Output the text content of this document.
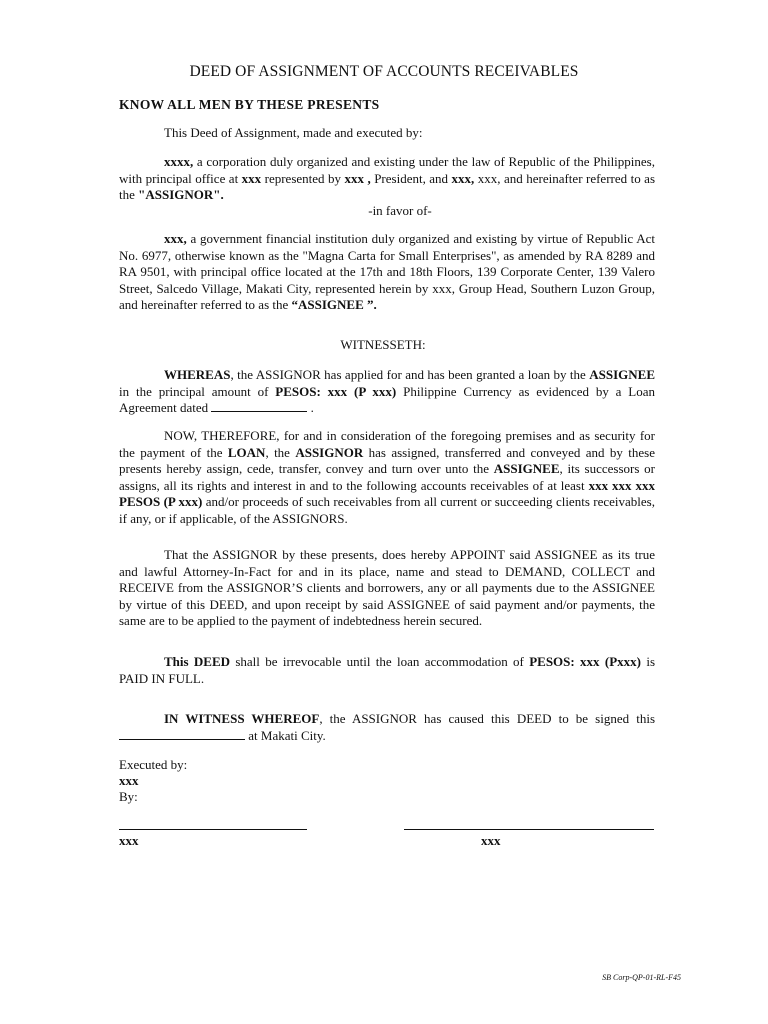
DEED OF ASSIGNMENT OF ACCOUNTS RECEIVABLES
KNOW ALL MEN BY THESE PRESENTS

This Deed of Assignment, made and executed by:

xxxx, a corporation duly organized and existing under the law of Republic of the Philippines, with principal office at xxx represented by xxx , President, and xxx, xxx, and hereinafter referred to as the "ASSIGNOR".

-in favor of-

xxx, a government financial institution duly organized and existing by virtue of Republic Act No. 6977, otherwise known as the "Magna Carta for Small Enterprises", as amended by RA 8289 and RA 9501, with principal office located at the 17th and 18th Floors, 139 Corporate Center, 139 Valero Street, Salcedo Village, Makati City, represented herein by xxx, Group Head, Southern Luzon Group, and hereinafter referred to as the “ASSIGNEE ”.

WITNESSETH:

WHEREAS, the ASSIGNOR has applied for and has been granted a loan by the ASSIGNEE in the principal amount of PESOS: xxx (P xxx) Philippine Currency as evidenced by a Loan Agreement dated	.

NOW, THEREFORE, for and in consideration of the foregoing premises and as security for the payment of the LOAN, the ASSIGNOR has assigned, transferred and conveyed and by these presents hereby assign, cede, transfer, convey and turn over unto the ASSIGNEE, its successors or assigns, all its rights and interest in and to the following accounts receivables of at least xxx xxx xxx PESOS (P xxx) and/or proceeds of such receivables from all current or succeeding clients receivables, if any, or if applicable, of the ASSIGNORS.

That the ASSIGNOR by these presents, does hereby APPOINT said ASSIGNEE as its true and lawful Attorney-In-Fact for and in its place, name and stead to DEMAND, COLLECT and RECEIVE from the ASSIGNOR’S clients and borrowers, any or all payments due to the ASSIGNEE by virtue of this DEED, and upon receipt by said ASSIGNEE of said payment and/or payments, the same are to be applied to the payment of indebtedness herein secured.

This DEED shall be irrevocable until the loan accommodation of PESOS: xxx (Pxxx) is PAID IN FULL.

IN WITNESS WHEREOF, the ASSIGNOR has caused this DEED to be signed this  at Makati City.

Executed by:
xxx
By:
xxx	xxx
SB Corp-QP-01-RL-F45
